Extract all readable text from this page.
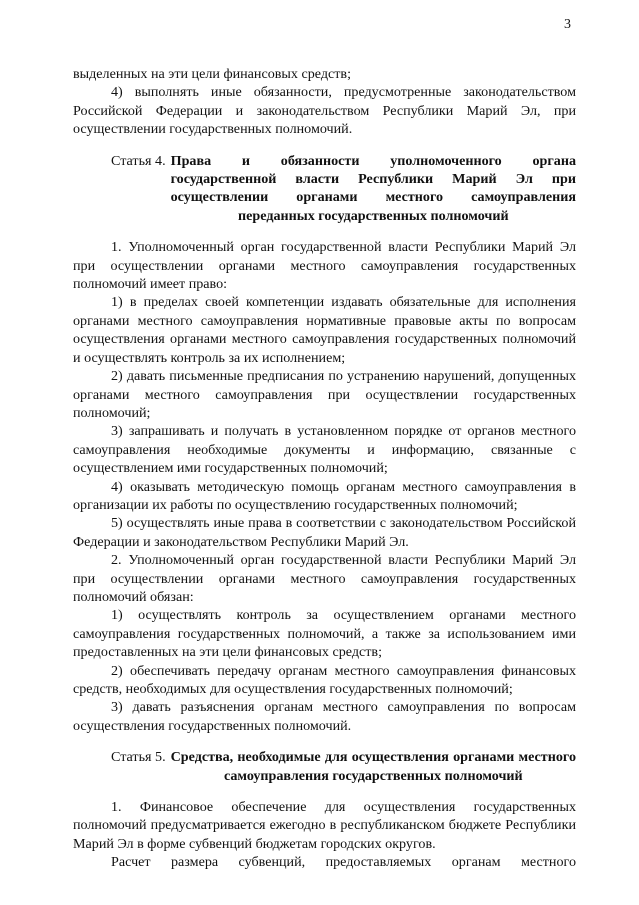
3

выделенных на эти цели финансовых средств;

4) выполнять иные обязанности, предусмотренные законодательством Российской Федерации и законодательством Республики Марий Эл, при осуществлении государственных полномочий.

Статья 4. Права и обязанности уполномоченного органа государственной власти Республики Марий Эл при осуществлении органами местного самоуправления переданных государственных полномочий

1. Уполномоченный орган государственной власти Республики Марий Эл при осуществлении органами местного самоуправления государственных полномочий имеет право:

1) в пределах своей компетенции издавать обязательные для исполнения органами местного самоуправления нормативные правовые акты по вопросам осуществления органами местного самоуправления государственных полномочий и осуществлять контроль за их исполнением;

2) давать письменные предписания по устранению нарушений, допущенных органами местного самоуправления при осуществлении государственных полномочий;

3) запрашивать и получать в установленном порядке от органов местного самоуправления необходимые документы и информацию, связанные с осуществлением ими государственных полномочий;

4) оказывать методическую помощь органам местного самоуправления в организации их работы по осуществлению государственных полномочий;

5) осуществлять иные права в соответствии с законодательством Российской Федерации и законодательством Республики Марий Эл.

2. Уполномоченный орган государственной власти Республики Марий Эл при осуществлении органами местного самоуправления государственных полномочий обязан:

1) осуществлять контроль за осуществлением органами местного самоуправления государственных полномочий, а также за использованием ими предоставленных на эти цели финансовых средств;

2) обеспечивать передачу органам местного самоуправления финансовых средств, необходимых для осуществления государственных полномочий;

3) давать разъяснения органам местного самоуправления по вопросам осуществления государственных полномочий.

Статья 5. Средства, необходимые для осуществления органами местного самоуправления государственных полномочий

1. Финансовое обеспечение для осуществления государственных полномочий предусматривается ежегодно в республиканском бюджете Республики Марий Эл в форме субвенций бюджетам городских округов.

Расчет размера субвенций, предоставляемых органам местного
